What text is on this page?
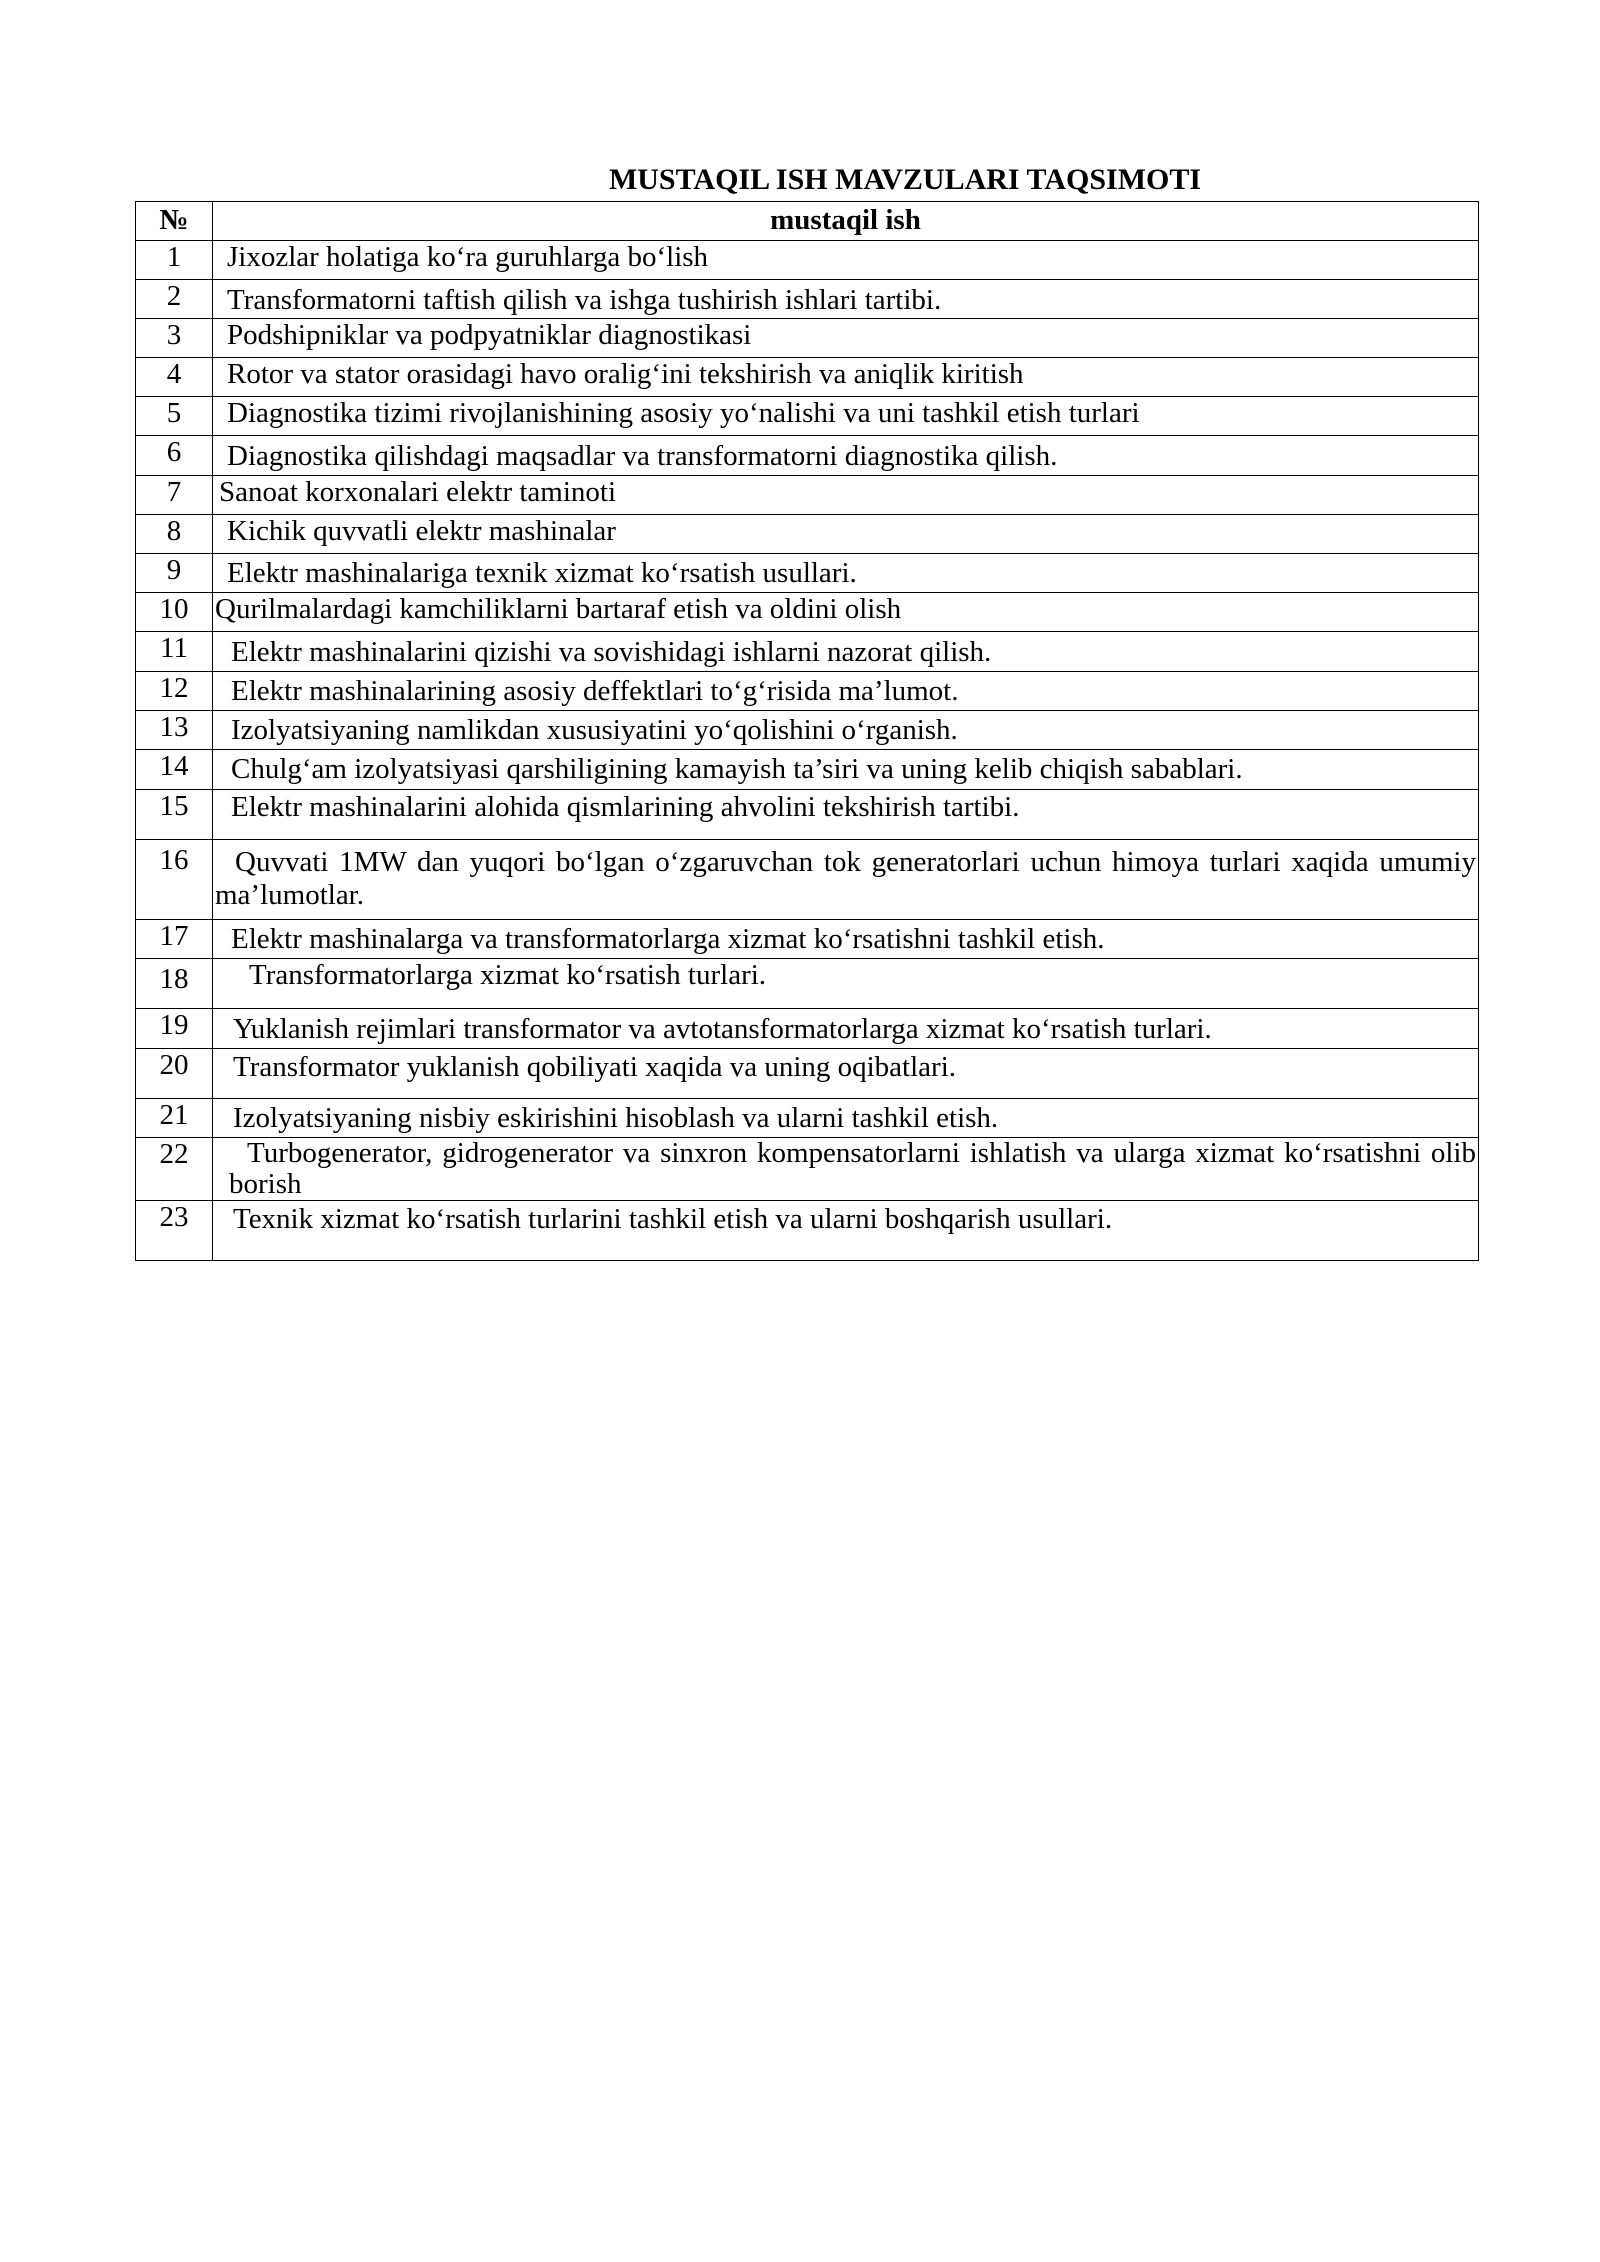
MUSTAQIL ISH MAVZULARI TAQSIMOTI
№	mustaqil ish
1	Jixozlar holatiga ko‘ra guruhlarga bo‘lish
2	Transformatorni taftish qilish va ishga tushirish ishlari tartibi.
3	Podshipniklar va podpyatniklar diagnostikasi
4	Rotor va stator orasidagi havo oralig‘ini tekshirish va aniqlik kiritish
5	Diagnostika tizimi rivojlanishining asosiy yo‘nalishi va uni tashkil etish turlari
6	Diagnostika qilishdagi maqsadlar va transformatorni diagnostika qilish.
7	Sanoat korxonalari elektr taminoti
8	Kichik quvvatli elektr mashinalar
9	Elektr mashinalariga texnik xizmat ko‘rsatish usullari.
10	Qurilmalardagi kamchiliklarni bartaraf etish va oldini olish
11	Elektr mashinalarini qizishi va sovishidagi ishlarni nazorat qilish.
12	Elektr mashinalarining asosiy deffektlari to‘g‘risida ma’lumot.
13	Izolyatsiyaning namlikdan xususiyatini yo‘qolishini o‘rganish.
14	Chulg‘am izolyatsiyasi qarshiligining kamayish ta’siri va uning kelib chiqish sabablari.
15	Elektr mashinalarini alohida qismlarining ahvolini tekshirish tartibi.
16	Quvvati 1MW dan yuqori bo‘lgan o‘zgaruvchan tok generatorlari uchun himoya turlari xaqida umumiy ma’lumotlar.
17	Elektr mashinalarga va transformatorlarga xizmat ko‘rsatishni tashkil etish.
18	Transformatorlarga xizmat ko‘rsatish turlari.
19	Yuklanish rejimlari transformator va avtotansformatorlarga xizmat ko‘rsatish turlari.
20	Transformator yuklanish qobiliyati xaqida va uning oqibatlari.
21	Izolyatsiyaning nisbiy eskirishini hisoblash va ularni tashkil etish.
22	Turbogenerator, gidrogenerator va sinxron kompensatorlarni ishlatish va ularga xizmat ko‘rsatishni olib borish
23	Texnik xizmat ko‘rsatish turlarini tashkil etish va ularni boshqarish usullari.
